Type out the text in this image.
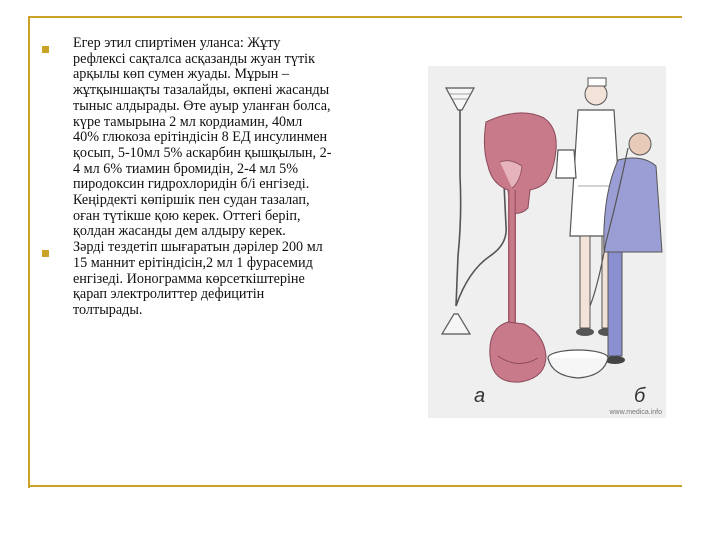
Егер этил спиртімен уланса: Жұту
рефлексі сақталса асқазанды жуан түтік
арқылы көп сумен жуады. Мұрын –
жұтқыншақты тазалайды, өкпені жасанды
тыныс алдырады. Өте ауыр уланған болса,
күре тамырына 2 мл кордиамин, 40мл
40% глюкоза ерітіндісін 8 ЕД инсулинмен
қосып, 5-10мл 5% аскарбин қышқылын, 2-
4 мл 6% тиамин бромидін, 2-4 мл 5%
пиродоксин гидрохлоридін б/і енгізеді.
Кеңірдекті көпіршік пен судан тазалап,
оған түтікше қою керек. Оттегі беріп,
қолдан жасанды дем алдыру керек.

Зәрді тездетіп шығаратын дәрілер 200 мл
15 маннит ерітіндісін,2 мл 1 фурасемид
енгізеді. Ионограмма көрсеткіштеріне
қарап электролиттер дефицитін
толтырады.

а	б
www.medica.info
